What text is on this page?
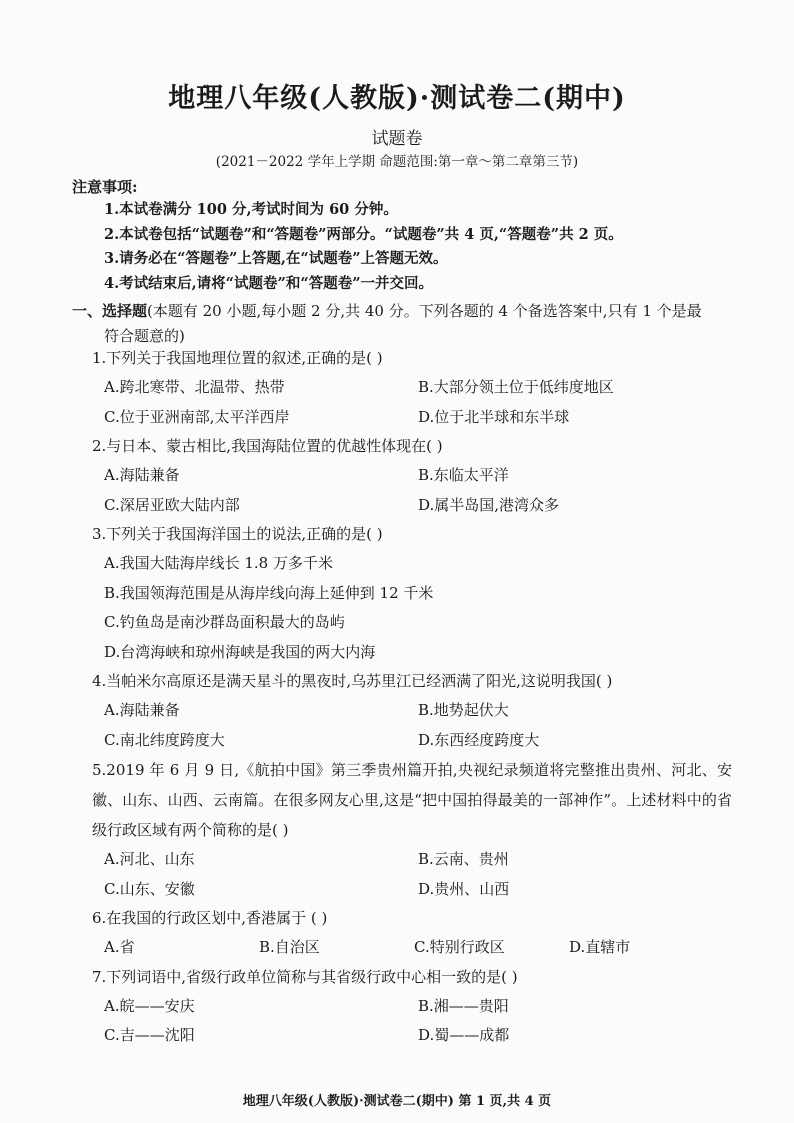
地理八年级(人教版)·测试卷二(期中)
试题卷
(2021－2022 学年上学期 命题范围:第一章～第二章第三节)
注意事项:
1.本试卷满分 100 分,考试时间为 60 分钟。
2.本试卷包括“试题卷”和“答题卷”两部分。“试题卷”共 4 页,“答题卷”共 2 页。
3.请务必在“答题卷”上答题,在“试题卷”上答题无效。
4.考试结束后,请将“试题卷”和“答题卷”一并交回。
一、选择题(本题有 20 小题,每小题 2 分,共 40 分。下列各题的 4 个备选答案中,只有 1 个是最
符合题意的)
1.下列关于我国地理位置的叙述,正确的是( )
A.跨北寒带、北温带、热带	B.大部分领土位于低纬度地区
C.位于亚洲南部,太平洋西岸	D.位于北半球和东半球
2.与日本、蒙古相比,我国海陆位置的优越性体现在( )
A.海陆兼备	B.东临太平洋
C.深居亚欧大陆内部	D.属半岛国,港湾众多
3.下列关于我国海洋国土的说法,正确的是( )
A.我国大陆海岸线长 1.8 万多千米
B.我国领海范围是从海岸线向海上延伸到 12 千米
C.钓鱼岛是南沙群岛面积最大的岛屿
D.台湾海峡和琼州海峡是我国的两大内海
4.当帕米尔高原还是满天星斗的黑夜时,乌苏里江已经洒满了阳光,这说明我国( )
A.海陆兼备	B.地势起伏大
C.南北纬度跨度大	D.东西经度跨度大
5.2019 年 6 月 9 日,《航拍中国》第三季贵州篇开拍,央视纪录频道将完整推出贵州、河北、安徽、山东、山西、云南篇。在很多网友心里,这是“把中国拍得最美的一部神作”。上述材料中的省级行政区域有两个简称的是( )
A.河北、山东	B.云南、贵州
C.山东、安徽	D.贵州、山西
6.在我国的行政区划中,香港属于 ( )
A.省	B.自治区	C.特别行政区	D.直辖市
7.下列词语中,省级行政单位简称与其省级行政中心相一致的是( )
A.皖——安庆	B.湘——贵阳
C.吉——沈阳	D.蜀——成都
地理八年级(人教版)·测试卷二(期中) 第 1 页,共 4 页
